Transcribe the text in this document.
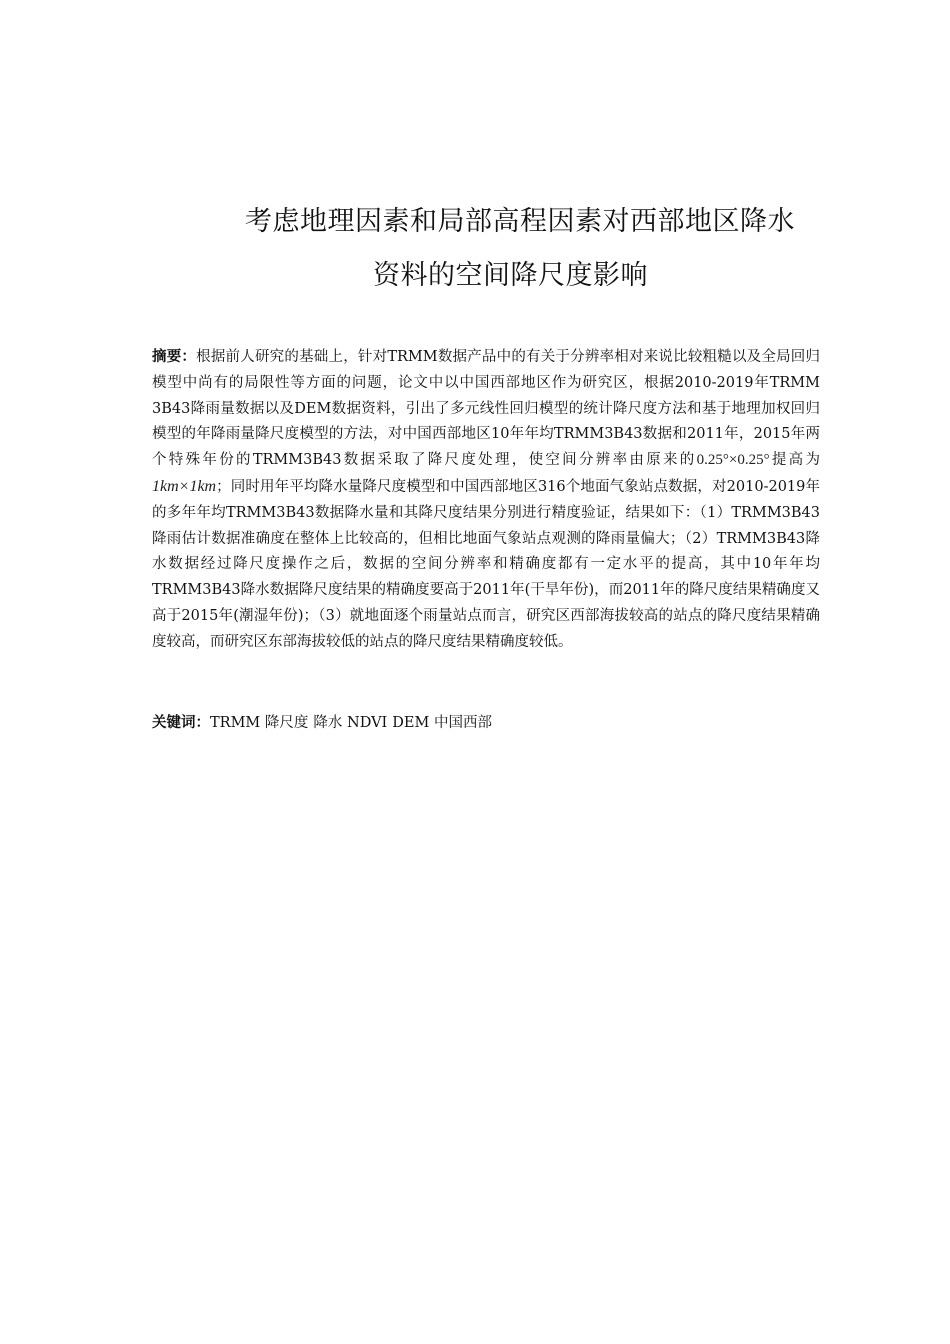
考虑地理因素和局部高程因素对西部地区降水
资料的空间降尺度影响
摘要：根据前人研究的基础上，针对TRMM数据产品中的有关于分辨率相对来说比较粗糙以及全局回归模型中尚有的局限性等方面的问题，论文中以中国西部地区作为研究区，根据2010-2019年TRMM 3B43降雨量数据以及DEM数据资料，引出了多元线性回归模型的统计降尺度方法和基于地理加权回归模型的年降雨量降尺度模型的方法，对中国西部地区10年年均TRMM3B43数据和2011年，2015年两个特殊年份的TRMM3B43数据采取了降尺度处理，使空间分辨率由原来的0.25°×0.25°提高为1km×1km；同时用年平均降水量降尺度模型和中国西部地区316个地面气象站点数据，对2010-2019年的多年年均TRMM3B43数据降水量和其降尺度结果分别进行精度验证，结果如下：（1）TRMM3B43降雨估计数据准确度在整体上比较高的，但相比地面气象站点观测的降雨量偏大；（2）TRMM3B43降水数据经过降尺度操作之后，数据的空间分辨率和精确度都有一定水平的提高，其中10年年均TRMM3B43降水数据降尺度结果的精确度要高于2011年(干旱年份)，而2011年的降尺度结果精确度又高于2015年(潮湿年份)；（3）就地面逐个雨量站点而言，研究区西部海拔较高的站点的降尺度结果精确度较高，而研究区东部海拔较低的站点的降尺度结果精确度较低。
关键词：TRMM 降尺度 降水 NDVI DEM 中国西部
